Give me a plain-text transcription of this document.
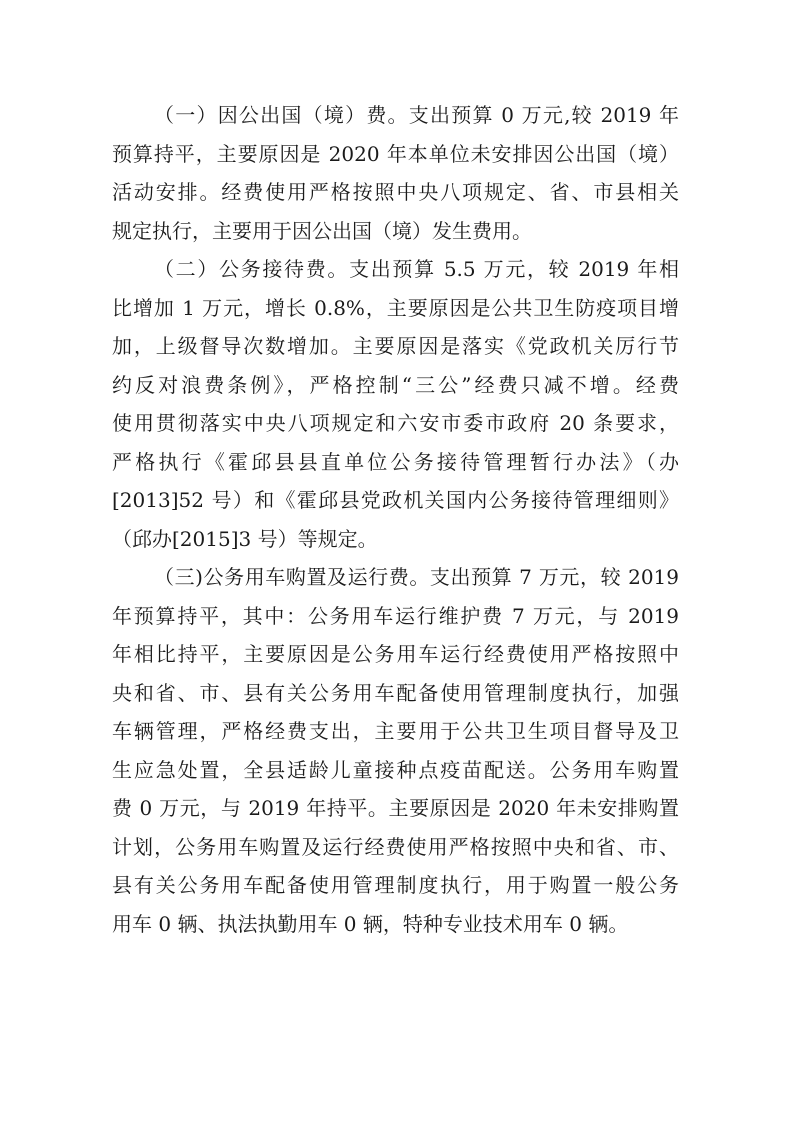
（一）因公出国（境）费。支出预算 0 万元,较 2019 年
预算持平，主要原因是 2020 年本单位未安排因公出国（境）
活动安排。经费使用严格按照中央八项规定、省、市县相关
规定执行，主要用于因公出国（境）发生费用。
（二）公务接待费。支出预算 5.5 万元，较 2019 年相
比增加 1 万元，增长 0.8%，主要原因是公共卫生防疫项目增
加，上级督导次数增加。主要原因是落实《党政机关厉行节
约反对浪费条例》，严格控制“三公”经费只减不增。经费
使用贯彻落实中央八项规定和六安市委市政府 20 条要求，
严格执行《霍邱县县直单位公务接待管理暂行办法》（办
[2013]52 号）和《霍邱县党政机关国内公务接待管理细则》
（邱办[2015]3 号）等规定。
（三)公务用车购置及运行费。支出预算 7 万元，较 2019
年预算持平，其中：公务用车运行维护费 7 万元，与 2019
年相比持平，主要原因是公务用车运行经费使用严格按照中
央和省、市、县有关公务用车配备使用管理制度执行，加强
车辆管理，严格经费支出，主要用于公共卫生项目督导及卫
生应急处置，全县适龄儿童接种点疫苗配送。公务用车购置
费 0 万元，与 2019 年持平。主要原因是 2020 年未安排购置
计划，公务用车购置及运行经费使用严格按照中央和省、市、
县有关公务用车配备使用管理制度执行，用于购置一般公务
用车 0 辆、执法执勤用车 0 辆，特种专业技术用车 0 辆。
